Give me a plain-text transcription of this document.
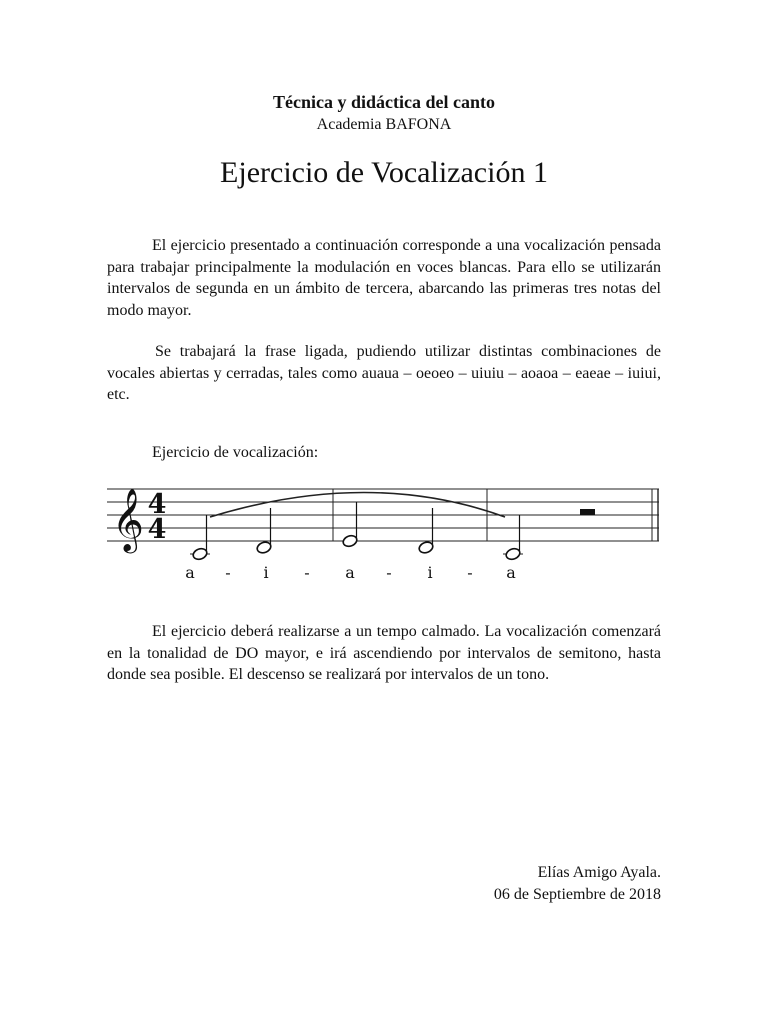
Técnica y didáctica del canto
Academia BAFONA
Ejercicio de Vocalización 1

El ejercicio presentado a continuación corresponde a una vocalización pensada para trabajar principalmente la modulación en voces blancas. Para ello se utilizarán intervalos de segunda en un ámbito de tercera, abarcando las primeras tres notas del modo mayor.

Se trabajará la frase ligada, pudiendo utilizar distintas combinaciones de vocales abiertas y cerradas, tales como auaua – oeoeo – uiuiu – aoaoa – eaeae – iuiui, etc.

Ejercicio de vocalización:
𝄞 4
4
a - i - a - i - a

El ejercicio deberá realizarse a un tempo calmado. La vocalización comenzará en la tonalidad de DO mayor, e irá ascendiendo por intervalos de semitono, hasta donde sea posible. El descenso se realizará por intervalos de un tono.

Elías Amigo Ayala.
06 de Septiembre de 2018
